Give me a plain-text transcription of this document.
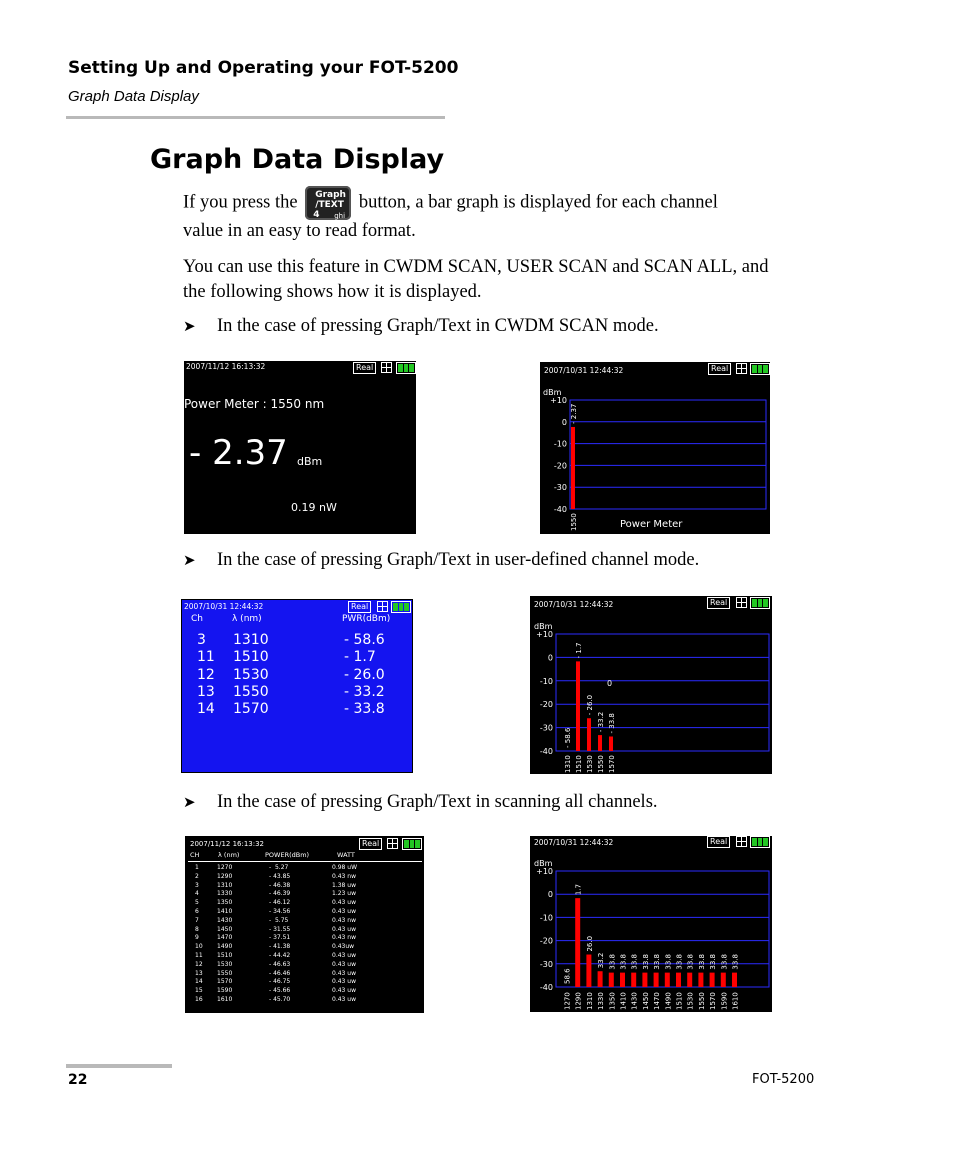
Setting Up and Operating your FOT-5200
Graph Data Display
Graph Data Display
If you press the Graph
/TEXT
4 ghi
button, a bar graph is displayed for each channel
value in an easy to read format.
You can use this feature in CWDM SCAN, USER SCAN and SCAN ALL, and
the following shows how it is displayed.
➤ In the case of pressing Graph/Text in CWDM SCAN mode.
2007/11/12 16:13:32	Real
Power Meter : 1550 nm
- 2.37 dBm
0.19 nW
2007/10/31 12:44:32	Real
dBm
+10
0
-10
-20
-30
-40
- 2.37
1550	Power Meter
➤ In the case of pressing Graph/Text in user-defined channel mode.
2007/10/31 12:44:32	Real
Ch	λ (nm)	PWR(dBm)
3 1310	- 58.6
11 1510	- 1.7
12 1530	- 26.0
13 1550	- 33.2
14 1570	- 33.8
2007/10/31 12:44:32	Real
dBm
+10
0
-10
-20
-30
-40
- 58.6
1310
- 1.7
1510
- 26.0
1530
- 33.2
1550
- 33.8
1570
0
➤ In the case of pressing Graph/Text in scanning all channels.
2007/11/12 16:13:32	Real
CH	λ (nm)	POWER(dBm)	WATT
1	1270	-  5.27	0.98 uW
2	1290	- 43.85	0.43 nw
3	1310	- 46.38	1.38 uw
4	1330	- 46.39	1.23 uw
5	1350	- 46.12	0.43 uw
6	1410	- 34.56	0.43 uw
7	1430	-  5.75	0.43 nw
8	1450	- 31.55	0.43 uw
9	1470	- 37.51	0.43 nw
10 1490	- 41.38	0.43uw
11 1510	- 44.42	0.43 uw
12 1530	- 46.63	0.43 uw
13 1550	- 46.46	0.43 uw
14 1570	- 46.75	0.43 uw
15 1590	- 45.66	0.43 uw
16 1610	- 45.70	0.43 uw
2007/10/31 12:44:32	Real
dBm
+10
0
-10
-20
-30
-40
58.6
1270
1.7
1290
26.0
1310
33.2
1330
33.8
1350
33.8
1410
33.8
1430
33.8
1450
33.8
1470
33.8
1490
33.8
1510
33.8
1530
33.8
1550
33.8
1570
33.8
1590
33.8
1610
22	FOT-5200
